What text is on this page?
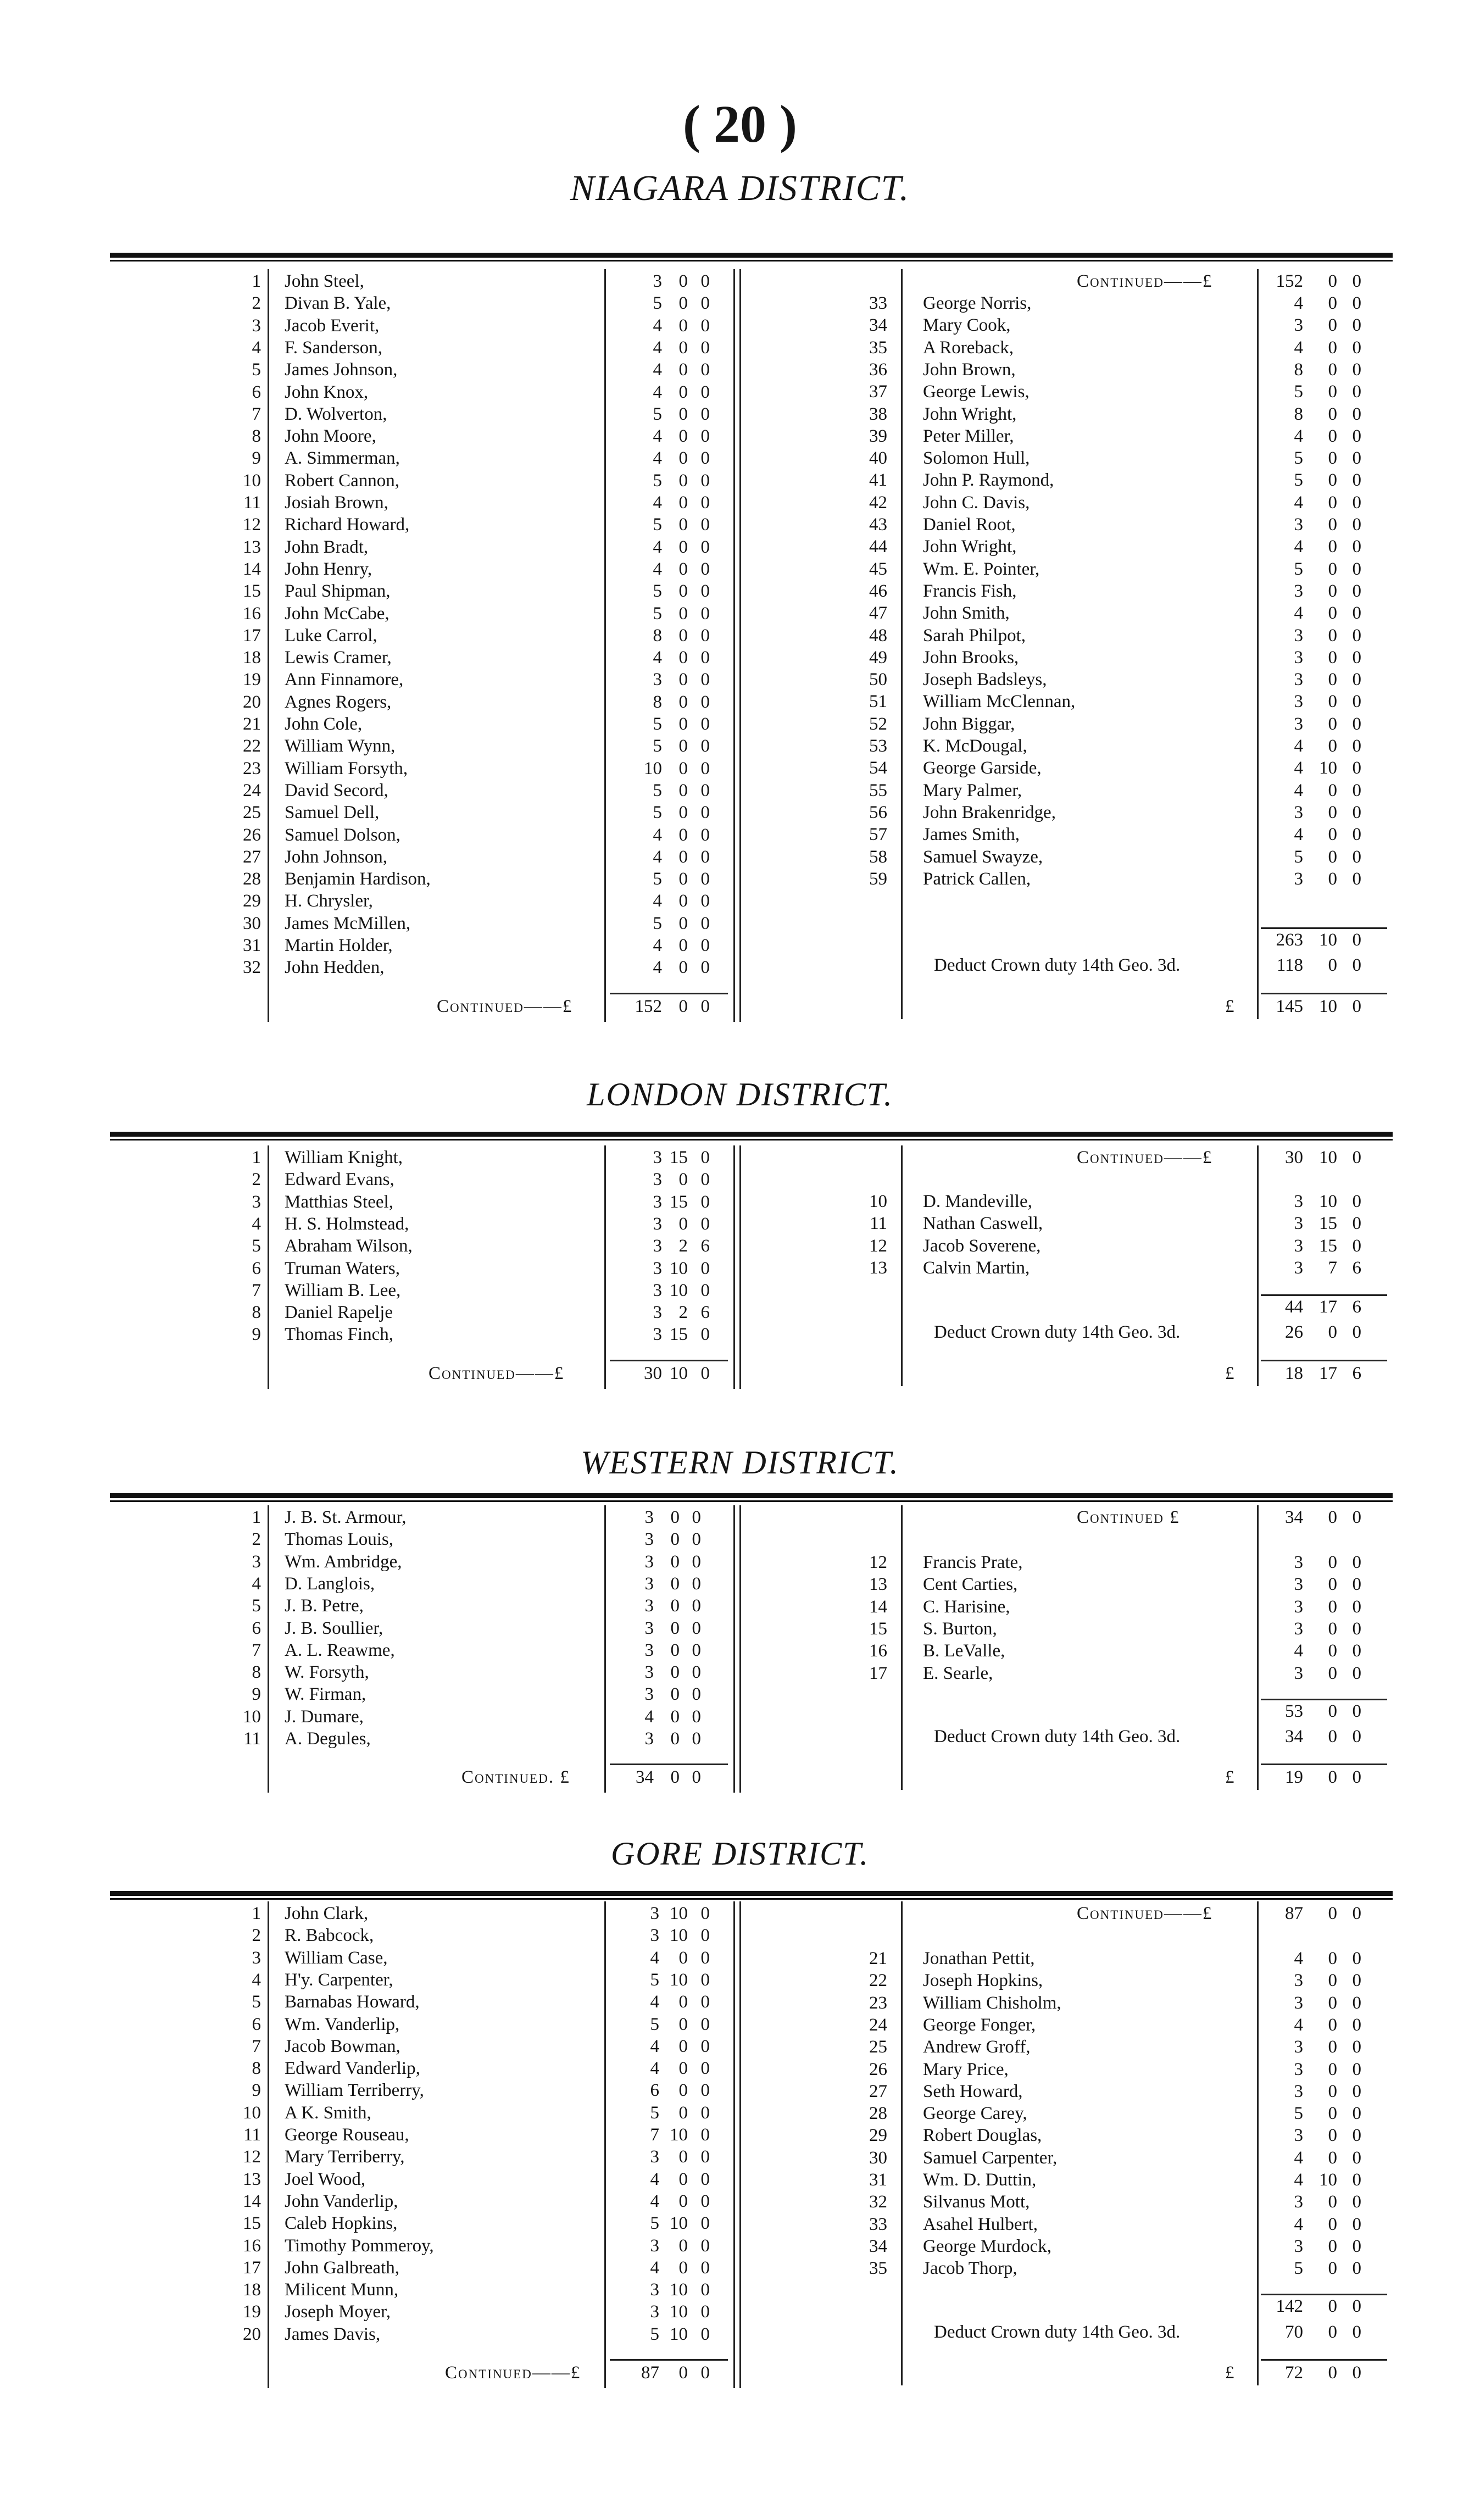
( 20 )
NIAGARA DISTRICT.
1 John Steel,	3 0 0
2 Divan B. Yale,	5 0 0
3 Jacob Everit,	4 0 0
4 F. Sanderson,	4 0 0
5 James Johnson,	4 0 0
6 John Knox,	4 0 0
7 D. Wolverton,	5 0 0
8 John Moore,	4 0 0
9 A. Simmerman,	4 0 0
10 Robert Cannon,	5 0 0
11 Josiah Brown,	4 0 0
12 Richard Howard,	5 0 0
13 John Bradt,	4 0 0
14 John Henry,	4 0 0
15 Paul Shipman,	5 0 0
16 John McCabe,	5 0 0
17 Luke Carrol,	8 0 0
18 Lewis Cramer,	4 0 0
19 Ann Finnamore,	3 0 0
20 Agnes Rogers,	8 0 0
21 John Cole,	5 0 0
22 William Wynn,	5 0 0
23 William Forsyth,	10 0 0
24 David Secord,	5 0 0
25 Samuel Dell,	5 0 0
26 Samuel Dolson,	4 0 0
27 John Johnson,	4 0 0
28 Benjamin Hardison,	5 0 0
29 H. Chrysler,	4 0 0
30 James McMillen,	5 0 0
31 Martin Holder,	4 0 0
32 John Hedden,	4 0 0
Continued——£	152 0 0
Continued——£	152	0 0
33 George Norris,	4	0 0
34 Mary Cook,	3	0 0
35 A Roreback,	4	0 0
36 John Brown,	8	0 0
37 George Lewis,	5	0 0
38 John Wright,	8	0 0
39 Peter Miller,	4	0 0
40 Solomon Hull,	5	0 0
41 John P. Raymond,	5	0 0
42 John C. Davis,	4	0 0
43 Daniel Root,	3	0 0
44 John Wright,	4	0 0
45 Wm. E. Pointer,	5	0 0
46 Francis Fish,	3	0 0
47 John Smith,	4	0 0
48 Sarah Philpot,	3	0 0
49 John Brooks,	3	0 0
50 Joseph Badsleys,	3	0 0
51 William McClennan,	3	0 0
52 John Biggar,	3	0 0
53 K. McDougal,	4	0 0
54 George Garside,	4 10 0
55 Mary Palmer,	4	0 0
56 John Brakenridge,	3	0 0
57 James Smith,	4	0 0
58 Samuel Swayze,	5	0 0
59 Patrick Callen,	3	0 0
263 10 0
Deduct Crown duty 14th Geo. 3d.	118	0 0
£	145 10 0
LONDON DISTRICT.
1 William Knight,	3 15 0
2 Edward Evans,	3 0 0
3 Matthias Steel,	3 15 0
4 H. S. Holmstead,	3 0 0
5 Abraham Wilson,	3 2 6
6 Truman Waters,	3 10 0
7 William B. Lee,	3 10 0
8 Daniel Rapelje	3 2 6
9 Thomas Finch,	3 15 0
Continued——£	30 10 0
Continued——£	30 10 0
10 D. Mandeville,	3 10 0
11 Nathan Caswell,	3 15 0
12 Jacob Soverene,	3 15 0
13 Calvin Martin,	3	7 6
44 17 6
Deduct Crown duty 14th Geo. 3d.	26	0 0
£	18 17 6
WESTERN DISTRICT.
1 J. B. St. Armour,	3 0 0
2 Thomas Louis,	3 0 0
3 Wm. Ambridge,	3 0 0
4 D. Langlois,	3 0 0
5 J. B. Petre,	3 0 0
6 J. B. Soullier,	3 0 0
7 A. L. Reawme,	3 0 0
8 W. Forsyth,	3 0 0
9 W. Firman,	3 0 0
10 J. Dumare,	4 0 0
11 A. Degules,	3 0 0
Continued. £	34 0 0
Continued £	34	0 0
12 Francis Prate,	3	0 0
13 Cent Carties,	3	0 0
14 C. Harisine,	3	0 0
15 S. Burton,	3	0 0
16 B. LeValle,	4	0 0
17 E. Searle,	3	0 0
53	0 0
Deduct Crown duty 14th Geo. 3d.	34	0 0
£	19	0 0
GORE DISTRICT.
1 John Clark,	3 10 0
2 R. Babcock,	3 10 0
3 William Case,	4	0 0
4 H'y. Carpenter,	5 10 0
5 Barnabas Howard,	4	0 0
6 Wm. Vanderlip,	5	0 0
7 Jacob Bowman,	4	0 0
8 Edward Vanderlip,	4	0 0
9 William Terriberry,	6	0 0
10 A K. Smith,	5	0 0
11 George Rouseau,	7 10 0
12 Mary Terriberry,	3	0 0
13 Joel Wood,	4	0 0
14 John Vanderlip,	4	0 0
15 Caleb Hopkins,	5 10 0
16 Timothy Pommeroy,	3	0 0
17 John Galbreath,	4	0 0
18 Milicent Munn,	3 10 0
19 Joseph Moyer,	3 10 0
20 James Davis,	5 10 0
Continued——£	87	0 0
Continued——£	87	0 0
21 Jonathan Pettit,	4	0 0
22 Joseph Hopkins,	3	0 0
23 William Chisholm,	3	0 0
24 George Fonger,	4	0 0
25 Andrew Groff,	3	0 0
26 Mary Price,	3	0 0
27 Seth Howard,	3	0 0
28 George Carey,	5	0 0
29 Robert Douglas,	3	0 0
30 Samuel Carpenter,	4	0 0
31 Wm. D. Duttin,	4 10 0
32 Silvanus Mott,	3	0 0
33 Asahel Hulbert,	4	0 0
34 George Murdock,	3	0 0
35 Jacob Thorp,	5	0 0
142	0 0
Deduct Crown duty 14th Geo. 3d.	70	0 0
£	72	0 0
